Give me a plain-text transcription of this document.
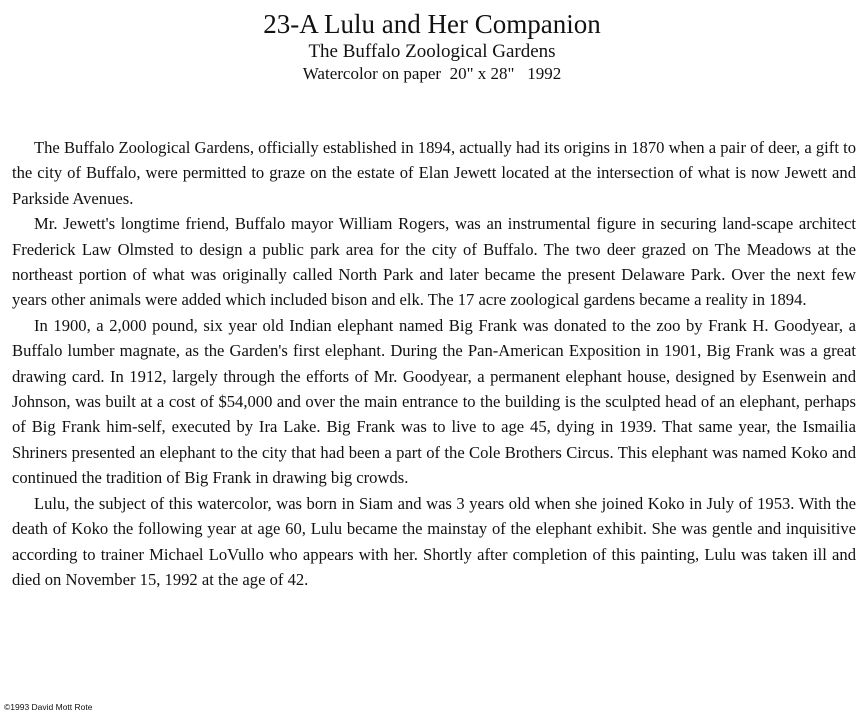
23-A Lulu and Her Companion

The Buffalo Zoological Gardens

Watercolor on paper  20" x 28"   1992

The Buffalo Zoological Gardens, officially established in 1894, actually had its origins in 1870 when a pair of deer, a gift to the city of Buffalo, were permitted to graze on the estate of Elan Jewett located at the intersection of what is now Jewett and Parkside Avenues.

Mr. Jewett's longtime friend, Buffalo mayor William Rogers, was an instrumental figure in securing land-scape architect Frederick Law Olmsted to design a public park area for the city of Buffalo. The two deer grazed on The Meadows at the northeast portion of what was originally called North Park and later became the present Delaware Park. Over the next few years other animals were added which included bison and elk. The 17 acre zoological gardens became a reality in 1894.

In 1900, a 2,000 pound, six year old Indian elephant named Big Frank was donated to the zoo by Frank H. Goodyear, a Buffalo lumber magnate, as the Garden's first elephant. During the Pan-American Exposition in 1901, Big Frank was a great drawing card. In 1912, largely through the efforts of Mr. Goodyear, a permanent elephant house, designed by Esenwein and Johnson, was built at a cost of $54,000 and over the main entrance to the building is the sculpted head of an elephant, perhaps of Big Frank him-self, executed by Ira Lake. Big Frank was to live to age 45, dying in 1939. That same year, the Ismailia Shriners presented an elephant to the city that had been a part of the Cole Brothers Circus. This elephant was named Koko and continued the tradition of Big Frank in drawing big crowds.

Lulu, the subject of this watercolor, was born in Siam and was 3 years old when she joined Koko in July of 1953. With the death of Koko the following year at age 60, Lulu became the mainstay of the elephant exhibit. She was gentle and inquisitive according to trainer Michael LoVullo who appears with her. Shortly after completion of this painting, Lulu was taken ill and died on November 15, 1992 at the age of 42.

©1993 David Mott Rote
